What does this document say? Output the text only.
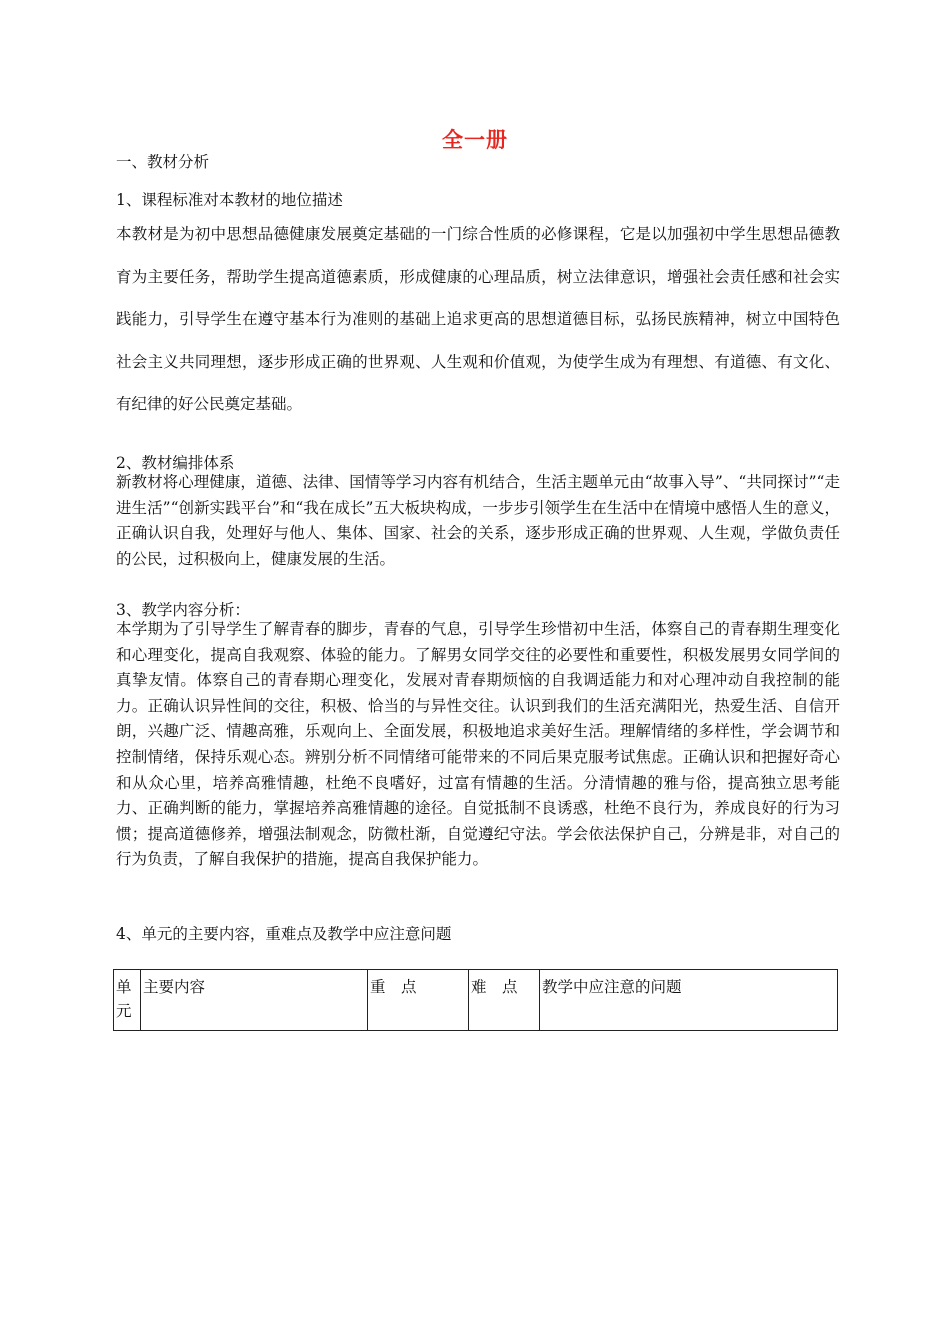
全一册
一、教材分析
1、课程标准对本教材的地位描述

本教材是为初中思想品德健康发展奠定基础的一门综合性质的必修课程，它是以加强初中学生思想品德教育为主要任务，帮助学生提高道德素质，形成健康的心理品质，树立法律意识，增强社会责任感和社会实践能力，引导学生在遵守基本行为准则的基础上追求更高的思想道德目标，弘扬民族精神，树立中国特色社会主义共同理想，逐步形成正确的世界观、人生观和价值观，为使学生成为有理想、有道德、有文化、有纪律的好公民奠定基础。

2、教材编排体系

新教材将心理健康，道德、法律、国情等学习内容有机结合，生活主题单元由“故事入导”、“共同探讨”“走进生活”“创新实践平台”和“我在成长”五大板块构成，一步步引领学生在生活中在情境中感悟人生的意义，正确认识自我，处理好与他人、集体、国家、社会的关系，逐步形成正确的世界观、人生观，学做负责任的公民，过积极向上，健康发展的生活。

3、教学内容分析：

本学期为了引导学生了解青春的脚步，青春的气息，引导学生珍惜初中生活，体察自己的青春期生理变化和心理变化，提高自我观察、体验的能力。了解男女同学交往的必要性和重要性，积极发展男女同学间的真挚友情。体察自己的青春期心理变化，发展对青春期烦恼的自我调适能力和对心理冲动自我控制的能力。正确认识异性间的交往，积极、恰当的与异性交往。认识到我们的生活充满阳光，热爱生活、自信开朗，兴趣广泛、情趣高雅，乐观向上、全面发展，积极地追求美好生活。理解情绪的多样性，学会调节和控制情绪，保持乐观心态。辨别分析不同情绪可能带来的不同后果克服考试焦虑。正确认识和把握好奇心和从众心里，培养高雅情趣，杜绝不良嗜好，过富有情趣的生活。分清情趣的雅与俗，提高独立思考能力、正确判断的能力，掌握培养高雅情趣的途径。自觉抵制不良诱惑，杜绝不良行为，养成良好的行为习惯；提高道德修养，增强法制观念，防微杜渐，自觉遵纪守法。学会依法保护自己，分辨是非，对自己的行为负责，了解自我保护的措施，提高自我保护能力。

4、单元的主要内容，重难点及教学中应注意问题
单元	主要内容	重　点	难　点	教学中应注意的问题
